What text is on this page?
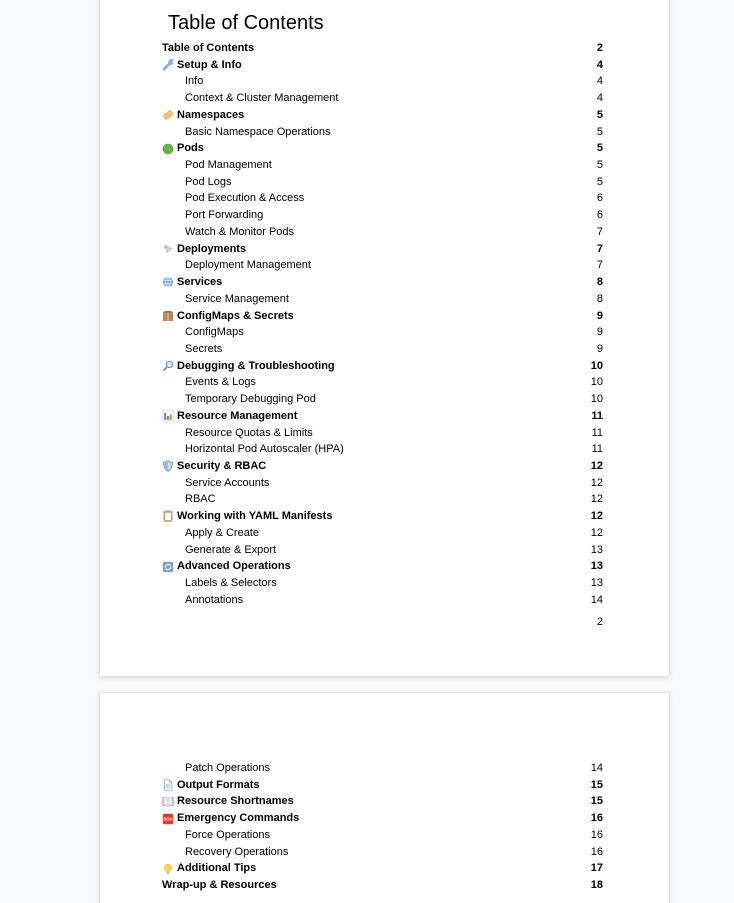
Table of Contents
Table of Contents	2
Setup & Info	4
Info	4
Context & Cluster Management	4
Namespaces	5
Basic Namespace Operations	5
Pods	5
Pod Management	5
Pod Logs	5
Pod Execution & Access	6
Port Forwarding	6
Watch & Monitor Pods	7
Deployments	7
Deployment Management	7
Services	8
Service Management	8
ConfigMaps & Secrets	9
ConfigMaps	9
Secrets	9
Debugging & Troubleshooting	10
Events & Logs	10
Temporary Debugging Pod	10
Resource Management	11
Resource Quotas & Limits	11
Horizontal Pod Autoscaler (HPA)	11
Security & RBAC	12
Service Accounts	12
RBAC	12
Working with YAML Manifests	12
Apply & Create	12
Generate & Export	13
Advanced Operations	13
Labels & Selectors	13
Annotations	14
2
Patch Operations	14
Output Formats	15
Resource Shortnames	15
SOS Emergency Commands	16
Force Operations	16
Recovery Operations	16
Additional Tips	17
Wrap-up & Resources	18
